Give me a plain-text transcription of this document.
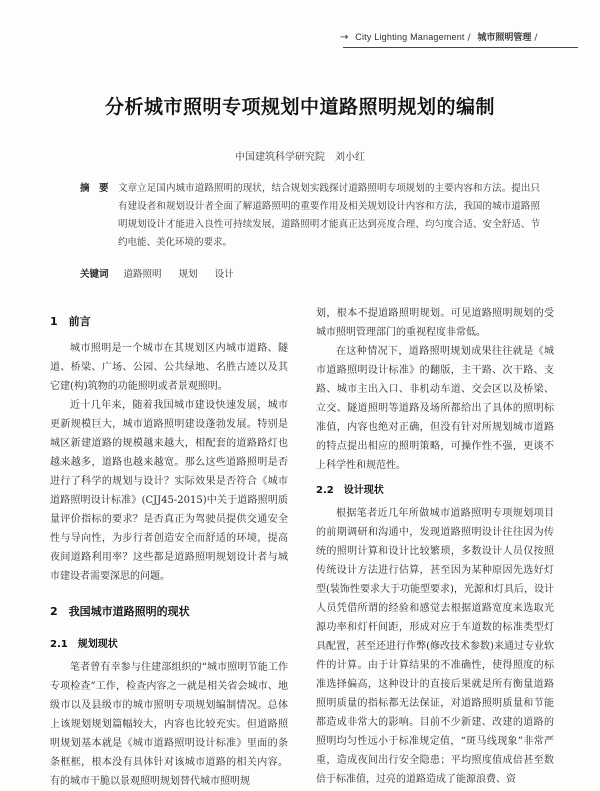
→ City Lighting Management / 城市照明管理 /
分析城市照明专项规划中道路照明规划的编制
中国建筑科学研究院　刘小红
摘　要 文章立足国内城市道路照明的现状，结合规划实践探讨道路照明专项规划的主要内容和方法。提出只有建设者和规划设计者全面了解道路照明的重要作用及相关规划设计内容和方法，我国的城市道路照明规划设计才能进入良性可持续发展，道路照明才能真正达到亮度合理、均匀度合适、安全舒适、节约电能、美化环境的要求。
关键词 道路照明 规划 设计
1　前言

城市照明是一个城市在其规划区内城市道路、隧道、桥梁、广场、公园、公共绿地、名胜古迹以及其它建(构)筑物的功能照明或者景观照明。

近十几年来，随着我国城市建设快速发展，城市更新规模巨大，城市道路照明建设蓬勃发展。特别是城区新建道路的规模越来越大，相配套的道路路灯也越来越多，道路也越来越宽。那么这些道路照明是否进行了科学的规划与设计？实际效果是否符合《城市道路照明设计标准》(CJJ45-2015)中关于道路照明质量评价指标的要求？是否真正为驾驶员提供交通安全性与导向性，为步行者创造安全而舒适的环境，提高夜间道路利用率？这些都是道路照明规划设计者与城市建设者需要深思的问题。

2　我国城市道路照明的现状
2.1　规划现状

笔者曾有幸参与住建部组织的“城市照明节能工作专项检查”工作，检查内容之一就是相关省会城市、地级市以及县级市的城市照明专项规划编制情况。总体上该规划规划篇幅较大，内容也比较充实。但道路照明规划基本就是《城市道路照明设计标准》里面的条条框框，根本没有具体针对该城市道路的相关内容。有的城市干脆以景观照明规划替代城市照明规

划，根本不提道路照明规划。可见道路照明规划的受城市照明管理部门的重视程度非常低。

在这种情况下，道路照明规划成果往往就是《城市道路照明设计标准》的翻版，主干路、次干路、支路、城市主出入口、非机动车道、交会区以及桥梁、立交、隧道照明等道路及场所都给出了具体的照明标准值，内容也绝对正确，但没有针对所规划城市道路的特点提出相应的照明策略，可操作性不强，更谈不上科学性和规范性。

2.2　设计现状

根据笔者近几年所做城市道路照明专项规划项目的前期调研和沟通中，发现道路照明设计往往因为传统的照明计算和设计比较繁琐，多数设计人员仅按照传统设计方法进行估算，甚至因为某种原因先选好灯型(装饰性要求大于功能型要求)，光源和灯具后，设计人员凭借所谓的经验和感觉去根据道路宽度来选取光源功率和灯杆间距，形成对应于车道数的标准类型灯具配置，甚至还进行作弊(修改技术参数)来通过专业软件的计算。由于计算结果的不准确性，使得照度的标准选择偏高，这种设计的直接后果就是所有衡量道路照明质量的指标都无法保证，对道路照明质量和节能都造成非常大的影响。目前不少新建、改建的道路的照明均匀性远小于标准规定值，“斑马线现象”非常严重，造成夜间出行安全隐患；平均照度值成倍甚至数倍于标准值，过亮的道路造成了能源浪费、资
